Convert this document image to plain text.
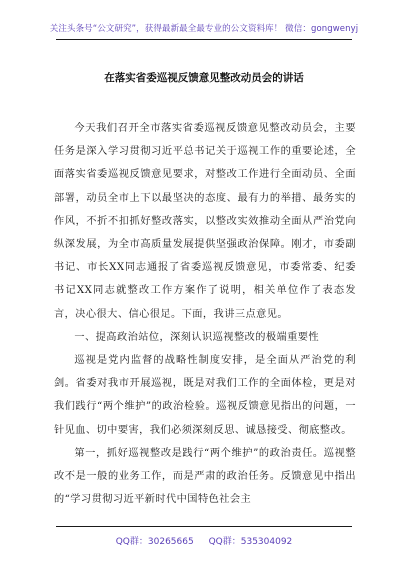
关注头条号“公文研究”，获得最新最全最专业的公文资料库！ 微信：gongwenyj
在落实省委巡视反馈意见整改动员会的讲话

今天我们召开全市落实省委巡视反馈意见整改动员会，主要任务是深入学习贯彻习近平总书记关于巡视工作的重要论述，全面落实省委巡视反馈意见要求，对整改工作进行全面动员、全面部署，动员全市上下以最坚决的态度、最有力的举措、最务实的作风，不折不扣抓好整改落实，以整改实效推动全面从严治党向纵深发展，为全市高质量发展提供坚强政治保障。刚才，市委副书记、市长XX同志通报了省委巡视反馈意见，市委常委、纪委书记XX同志就整改工作方案作了说明，相关单位作了表态发言，决心很大、信心很足。下面，我讲三点意见。

一、提高政治站位，深刻认识巡视整改的极端重要性

巡视是党内监督的战略性制度安排，是全面从严治党的利剑。省委对我市开展巡视，既是对我们工作的全面体检，更是对我们践行“两个维护”的政治检验。巡视反馈意见指出的问题，一针见血、切中要害，我们必须深刻反思、诚恳接受、彻底整改。

第一，抓好巡视整改是践行“两个维护”的政治责任。巡视整改不是一般的业务工作，而是严肃的政治任务。反馈意见中指出的“学习贯彻习近平新时代中国特色社会主

QQ群：30265665 QQ群：535304092
